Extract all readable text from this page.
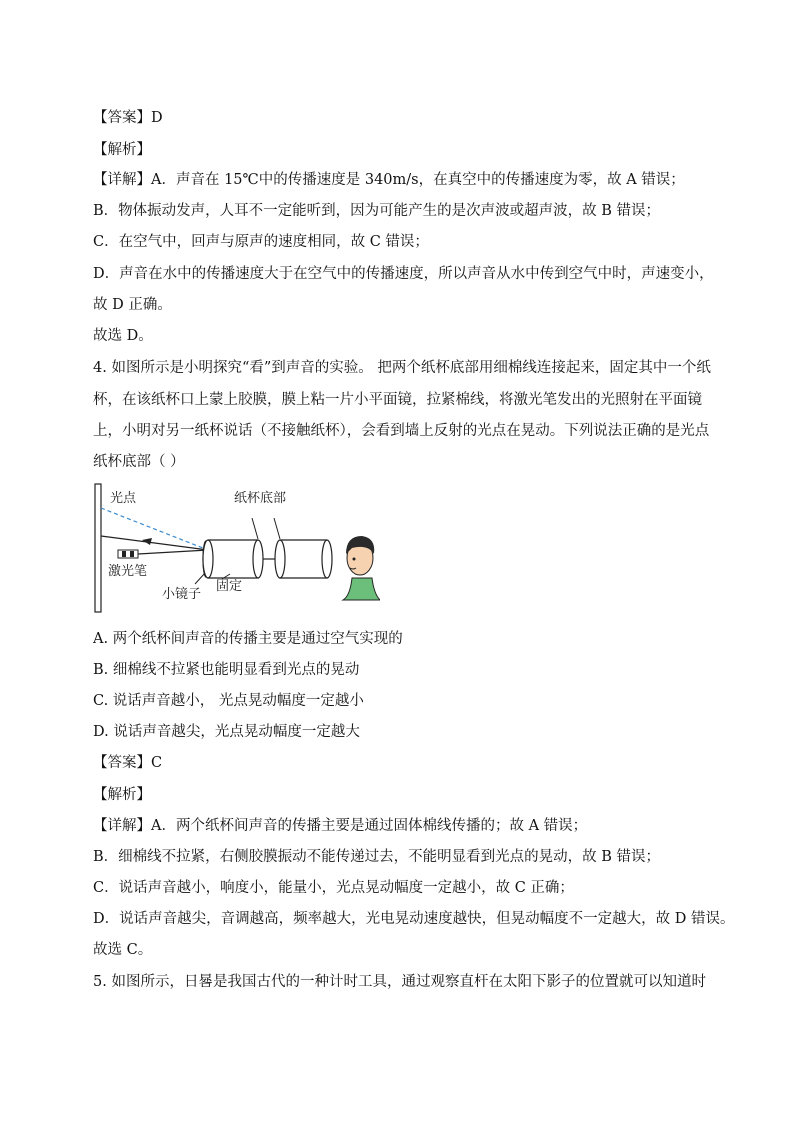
【答案】D
【解析】
【详解】A．声音在 15℃中的传播速度是 340m/s，在真空中的传播速度为零，故 A 错误；
B．物体振动发声，人耳不一定能听到，因为可能产生的是次声波或超声波，故 B 错误；
C．在空气中，回声与原声的速度相同，故 C 错误；
D．声音在水中的传播速度大于在空气中的传播速度，所以声音从水中传到空气中时，声速变小，
故 D 正确。
故选 D。
4. 如图所示是小明探究“看”到声音的实验。 把两个纸杯底部用细棉线连接起来，固定其中一个纸
杯，在该纸杯口上蒙上胶膜，膜上粘一片小平面镜，拉紧棉线，将激光笔发出的光照射在平面镜
上，小明对另一纸杯说话（不接触纸杯），会看到墙上反射的光点在晃动。下列说法正确的是光点
纸杯底部（ ）
光点	纸杯底部
激光笔
固定
小镜子
A. 两个纸杯间声音的传播主要是通过空气实现的
B. 细棉线不拉紧也能明显看到光点的晃动
C. 说话声音越小， 光点晃动幅度一定越小
D. 说话声音越尖，光点晃动幅度一定越大
【答案】C
【解析】
【详解】A．两个纸杯间声音的传播主要是通过固体棉线传播的；故 A 错误；
B．细棉线不拉紧，右侧胶膜振动不能传递过去，不能明显看到光点的晃动，故 B 错误；
C．说话声音越小，响度小，能量小，光点晃动幅度一定越小，故 C 正确；
D．说话声音越尖，音调越高，频率越大，光电晃动速度越快，但晃动幅度不一定越大，故 D 错误。
故选 C。
5. 如图所示，日晷是我国古代的一种计时工具，通过观察直杆在太阳下影子的位置就可以知道时
